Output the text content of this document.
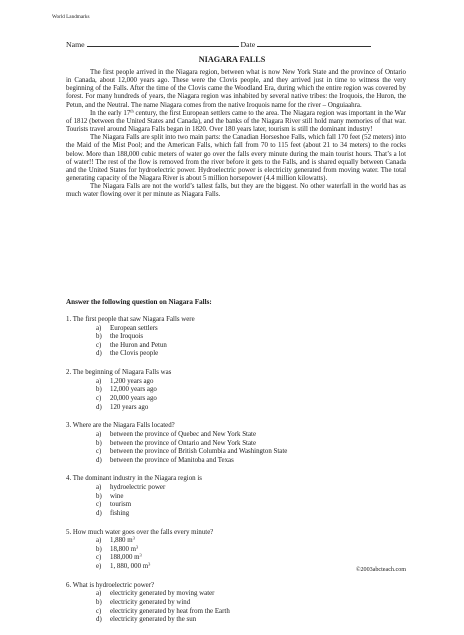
World Landmarks
Name	Date
NIAGARA FALLS

The first people arrived in the Niagara region, between what is now New York State and the province of Ontario in Canada, about 12,000 years ago. These were the Clovis people, and they arrived just in time to witness the very beginning of the Falls. After the time of the Clovis came the Woodland Era, during which the entire region was covered by forest. For many hundreds of years, the Niagara region was inhabited by several native tribes: the Iroquois, the Huron, the Petun, and the Neutral. The name Niagara comes from the native Iroquois name for the river – Onguiaahra.

In the early 17th century, the first European settlers came to the area. The Niagara region was important in the War of 1812 (between the United States and Canada), and the banks of the Niagara River still hold many memories of that war. Tourists travel around Niagara Falls began in 1820. Over 180 years later, tourism is still the dominant industry!

The Niagara Falls are split into two main parts: the Canadian Horseshoe Falls, which fall 170 feet (52 meters) into the Maid of the Mist Pool; and the American Falls, which fall from 70 to 115 feet (about 21 to 34 meters) to the rocks below. More than 188,000 cubic meters of water go over the falls every minute during the main tourist hours. That’s a lot of water!! The rest of the flow is removed from the river before it gets to the Falls, and is shared equally between Canada and the United States for hydroelectric power. Hydroelectric power is electricity generated from moving water. The total generating capacity of the Niagara River is about 5 million horsepower (4.4 million kilowatts).

The Niagara Falls are not the world’s tallest falls, but they are the biggest. No other waterfall in the world has as much water flowing over it per minute as Niagara Falls.

Answer the following question on Niagara Falls:

1. The first people that saw Niagara Falls were

a) European settlers
b) the Iroquois
c) the Huron and Petun
d) the Clovis people

2. The beginning of Niagara Falls was

a) 1,200 years ago
b) 12,000 years ago
c) 20,000 years ago
d) 120 years ago

3. Where are the Niagara Falls located?

a) between the province of Quebec and New York State
b) between the province of Ontario and New York State
c) between the province of British Columbia and Washington State
d) between the province of Manitoba and Texas

4. The dominant industry in the Niagara region is

a) hydroelectric power
b) wine
c) tourism
d) fishing

5. How much water goes over the falls every minute?

a) 1,880 $m^3$
b) 18,800 $m^3$
c) 188,000 $m^3$
e) 1, 880, 000 $m^3$

6. What is hydroelectric power?

a) electricity generated by moving water
b) electricity generated by wind
c) electricity generated by heat from the Earth
d) electricity generated by the sun
©2003abcteach.com
